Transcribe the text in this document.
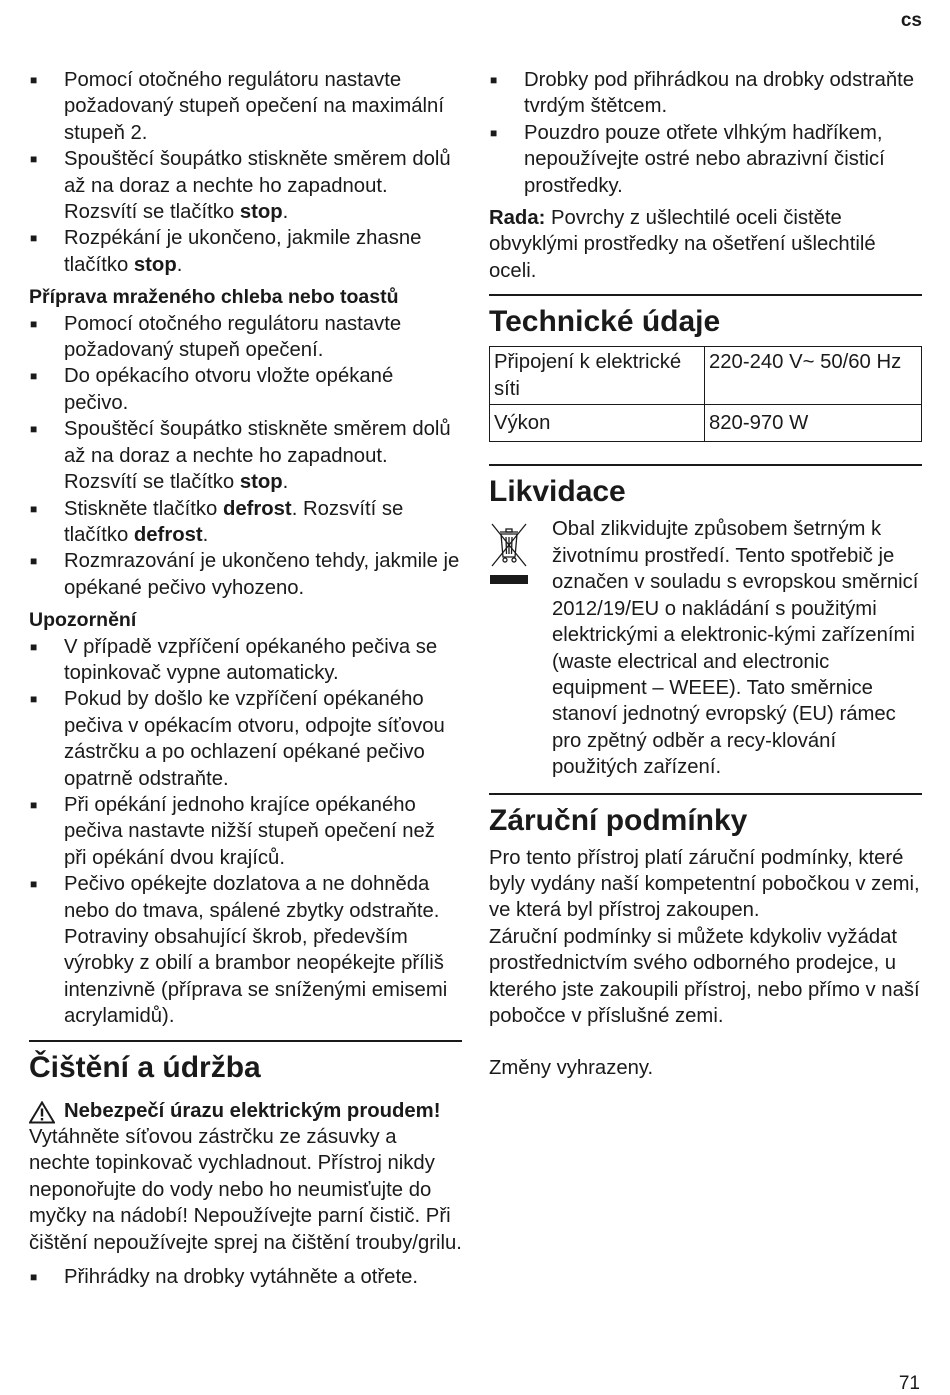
cs
■ Pomocí otočného regulátoru nastavte požadovaný stupeň opečení na maximální stupeň 2.
■ Spouštěcí šoupátko stiskněte směrem dolů až na doraz a nechte ho zapadnout. Rozsvítí se tlačítko stop.
■ Rozpékání je ukončeno, jakmile zhasne tlačítko stop.
Příprava mraženého chleba nebo toastů
■ Pomocí otočného regulátoru nastavte požadovaný stupeň opečení.
■ Do opékacího otvoru vložte opékané pečivo.
■ Spouštěcí šoupátko stiskněte směrem dolů až na doraz a nechte ho zapadnout. Rozsvítí se tlačítko stop.
■ Stiskněte tlačítko defrost. Rozsvítí se tlačítko defrost.
■ Rozmrazování je ukončeno tehdy, jakmile je opékané pečivo vyhozeno.
Upozornění
■ V případě vzpříčení opékaného pečiva se topinkovač vypne automaticky.
■ Pokud by došlo ke vzpříčení opékaného pečiva v opékacím otvoru, odpojte síťovou zástrčku a po ochlazení opékané pečivo opatrně odstraňte.
■ Při opékání jednoho krajíce opékaného pečiva nastavte nižší stupeň opečení než při opékání dvou krajíců.
■ Pečivo opékejte dozlatova a ne dohněda nebo do tmava, spálené zbytky odstraňte. Potraviny obsahující škrob, především výrobky z obilí a brambor neopékejte příliš intenzivně (příprava se sníženými emisemi acrylamidů).
Čištění a údržba
Nebezpečí úrazu elektrickým proudem!

Vytáhněte síťovou zástrčku ze zásuvky a nechte topinkovač vychladnout. Přístroj nikdy neponořujte do vody nebo ho neumisťujte do myčky na nádobí! Nepoužívejte parní čistič. Při čištění nepoužívejte sprej na čištění trouby/grilu.

■ Přihrádky na drobky vytáhněte a otřete.
■ Drobky pod přihrádkou na drobky odstraňte tvrdým štětcem.
■ Pouzdro pouze otřete vlhkým hadříkem, nepoužívejte ostré nebo abrazivní čisticí prostředky.

Rada: Povrchy z ušlechtilé oceli čistěte obvyklými prostředky na ošetření ušlechtilé oceli.

Technické údaje
Připojení k elektrické síti	220-240 V~ 50/60 Hz
Výkon	820-970 W
Likvidace

Obal zlikvidujte způsobem šetrným k životnímu prostředí. Tento spotřebič je označen v souladu s evropskou směrnicí 2012/19/EU o nakládání s použitými elektrickými a elektronic-kými zařízeními (waste electrical and electronic equipment – WEEE). Tato směrnice stanoví jednotný evropský (EU) rámec pro zpětný odběr a recy-klování použitých zařízení.

Záruční podmínky

Pro tento přístroj platí záruční podmínky, které byly vydány naší kompetentní pobočkou v zemi, ve která byl přístroj zakoupen.

Záruční podmínky si můžete kdykoliv vyžádat prostřednictvím svého odborného prodejce, u kterého jste zakoupili přístroj, nebo přímo v naší pobočce v příslušné zemi.

Změny vyhrazeny.

71
